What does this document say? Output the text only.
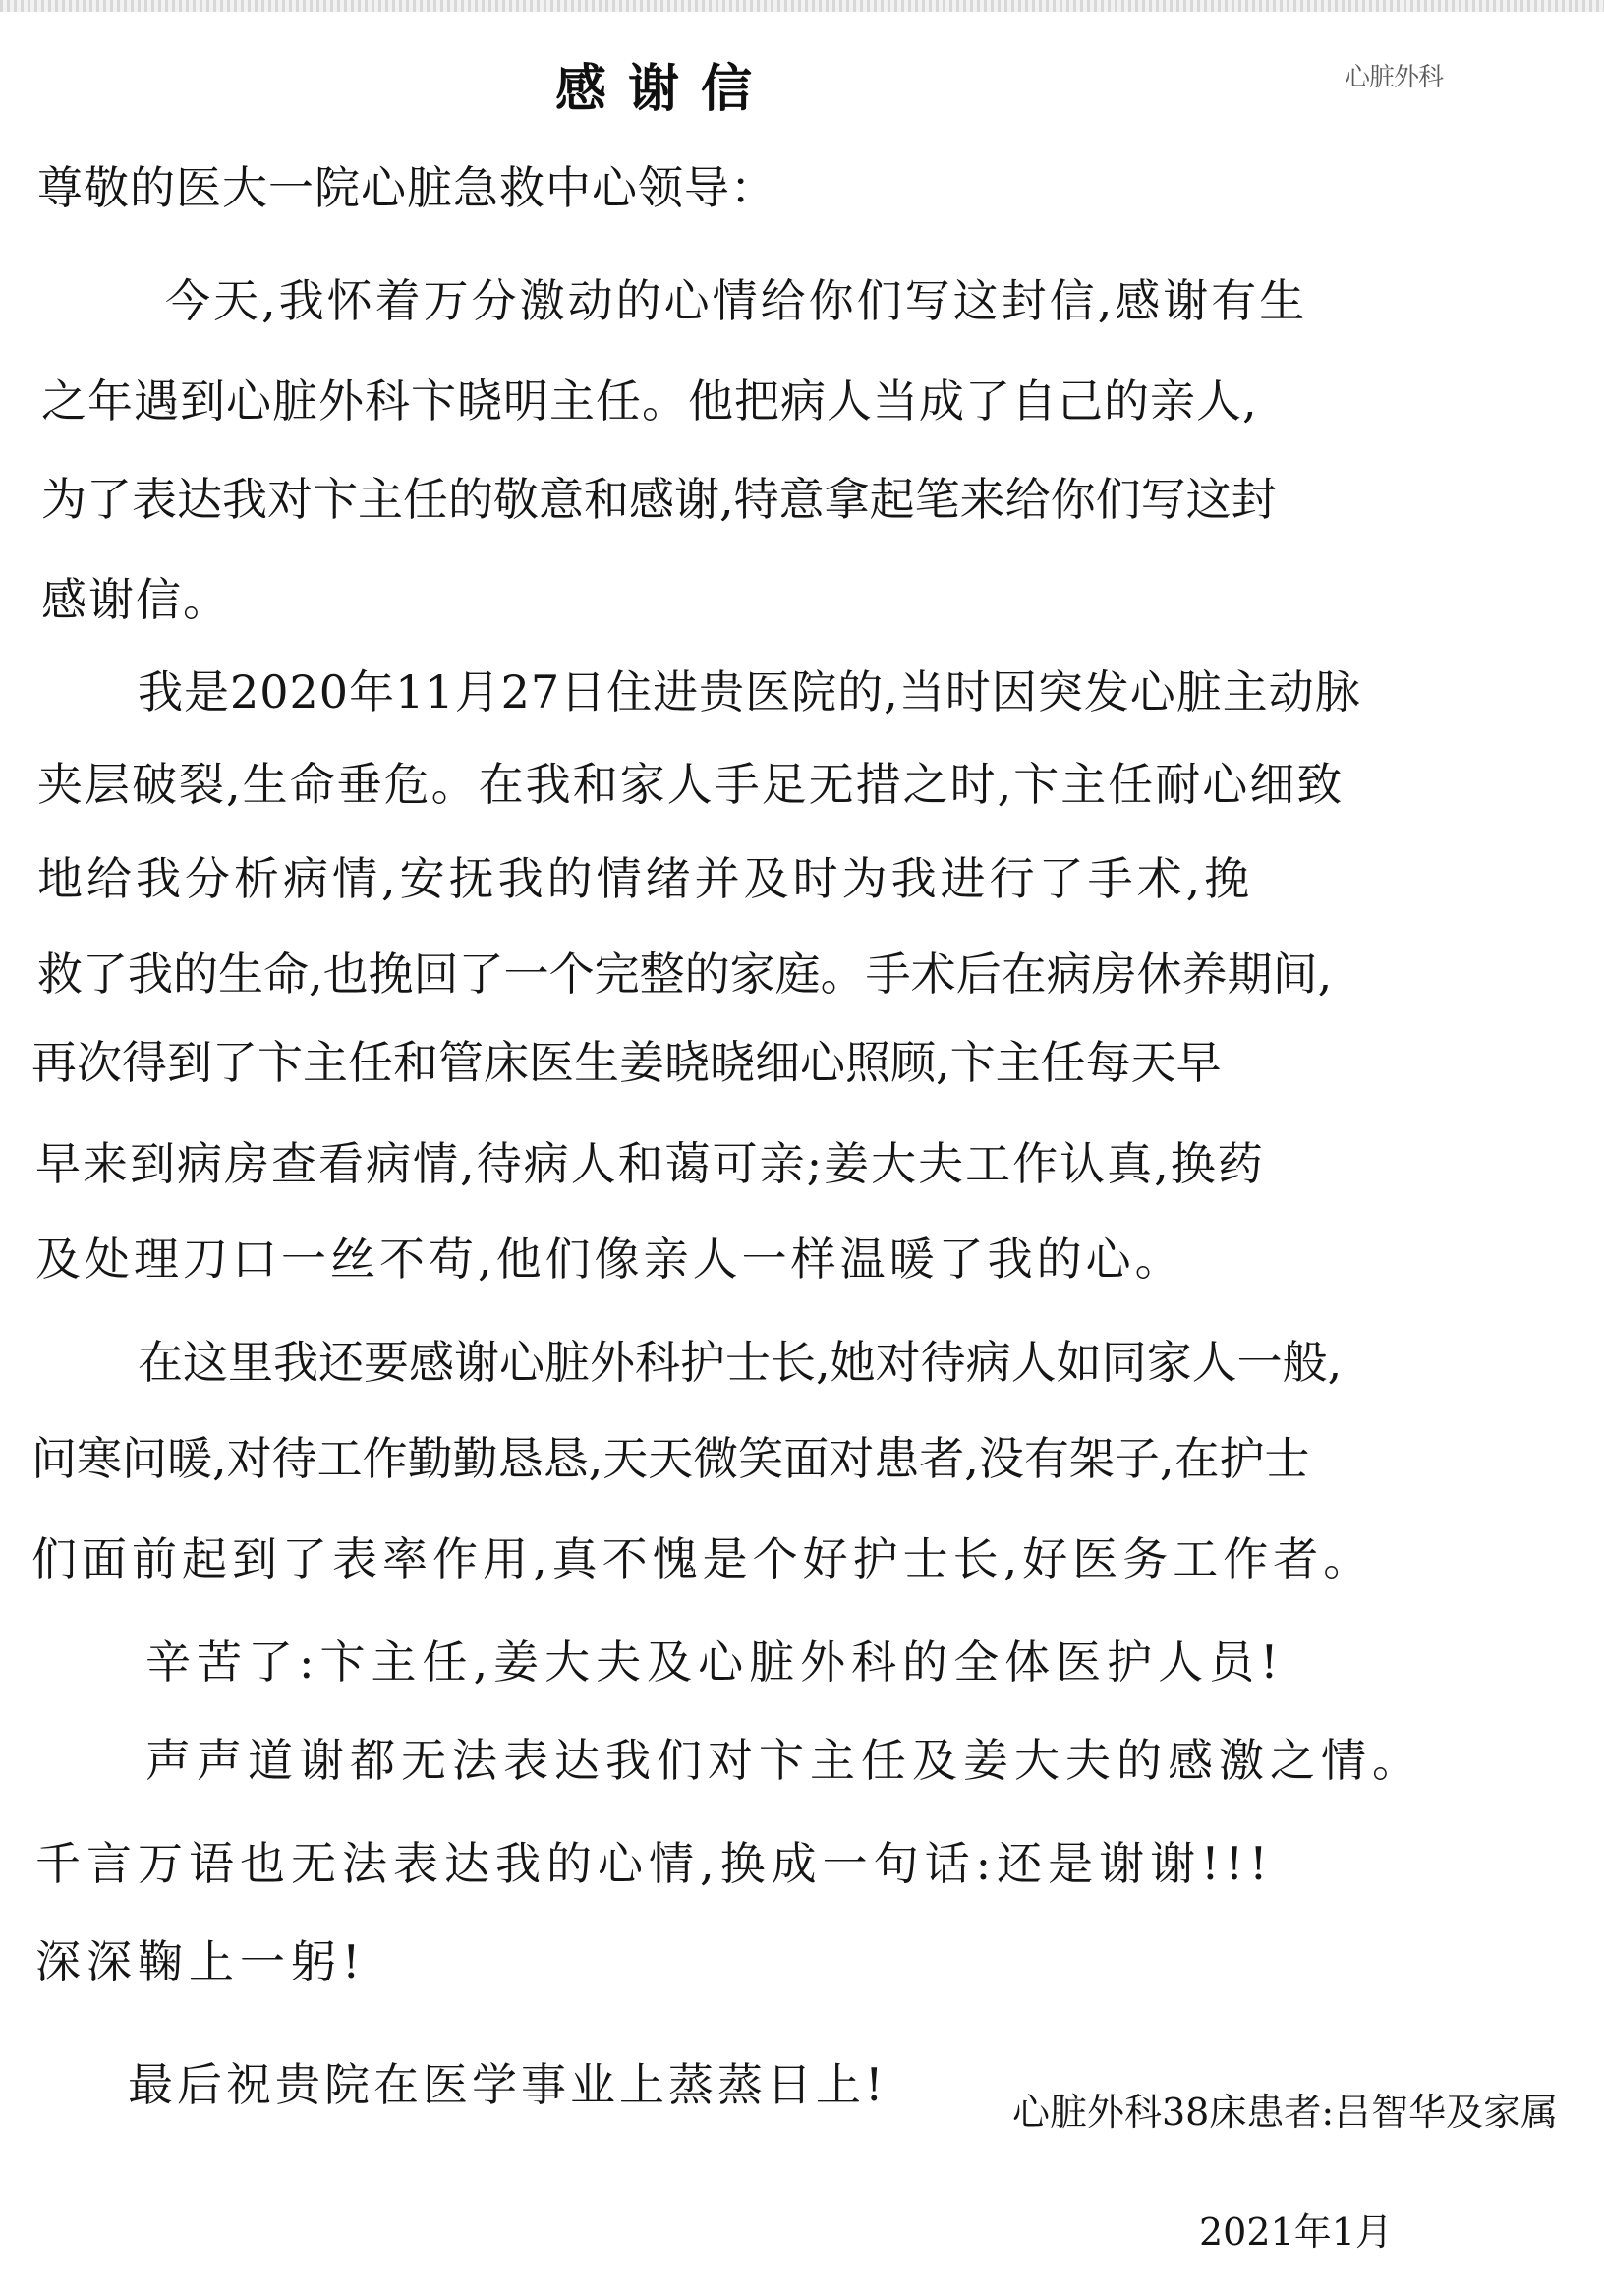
心脏外科
感谢信
尊敬的医大一院心脏急救中心领导：
今天,我怀着万分激动的心情给你们写这封信,感谢有生
之年遇到心脏外科卞晓明主任。他把病人当成了自己的亲人,
为了表达我对卞主任的敬意和感谢,特意拿起笔来给你们写这封
感谢信。
我是2020年11月27日住进贵医院的,当时因突发心脏主动脉
夹层破裂,生命垂危。在我和家人手足无措之时,卞主任耐心细致
地给我分析病情,安抚我的情绪并及时为我进行了手术,挽
救了我的生命,也挽回了一个完整的家庭。手术后在病房休养期间,
再次得到了卞主任和管床医生姜晓晓细心照顾,卞主任每天早
早来到病房查看病情,待病人和蔼可亲;姜大夫工作认真,换药
及处理刀口一丝不苟,他们像亲人一样温暖了我的心。
在这里我还要感谢心脏外科护士长,她对待病人如同家人一般,
问寒问暖,对待工作勤勤恳恳,天天微笑面对患者,没有架子,在护士
们面前起到了表率作用,真不愧是个好护士长,好医务工作者。
辛苦了:卞主任,姜大夫及心脏外科的全体医护人员!
声声道谢都无法表达我们对卞主任及姜大夫的感激之情。
千言万语也无法表达我的心情,换成一句话:还是谢谢!!!
深深鞠上一躬!
最后祝贵院在医学事业上蒸蒸日上!
心脏外科38床患者:吕智华及家属
2021年1月
